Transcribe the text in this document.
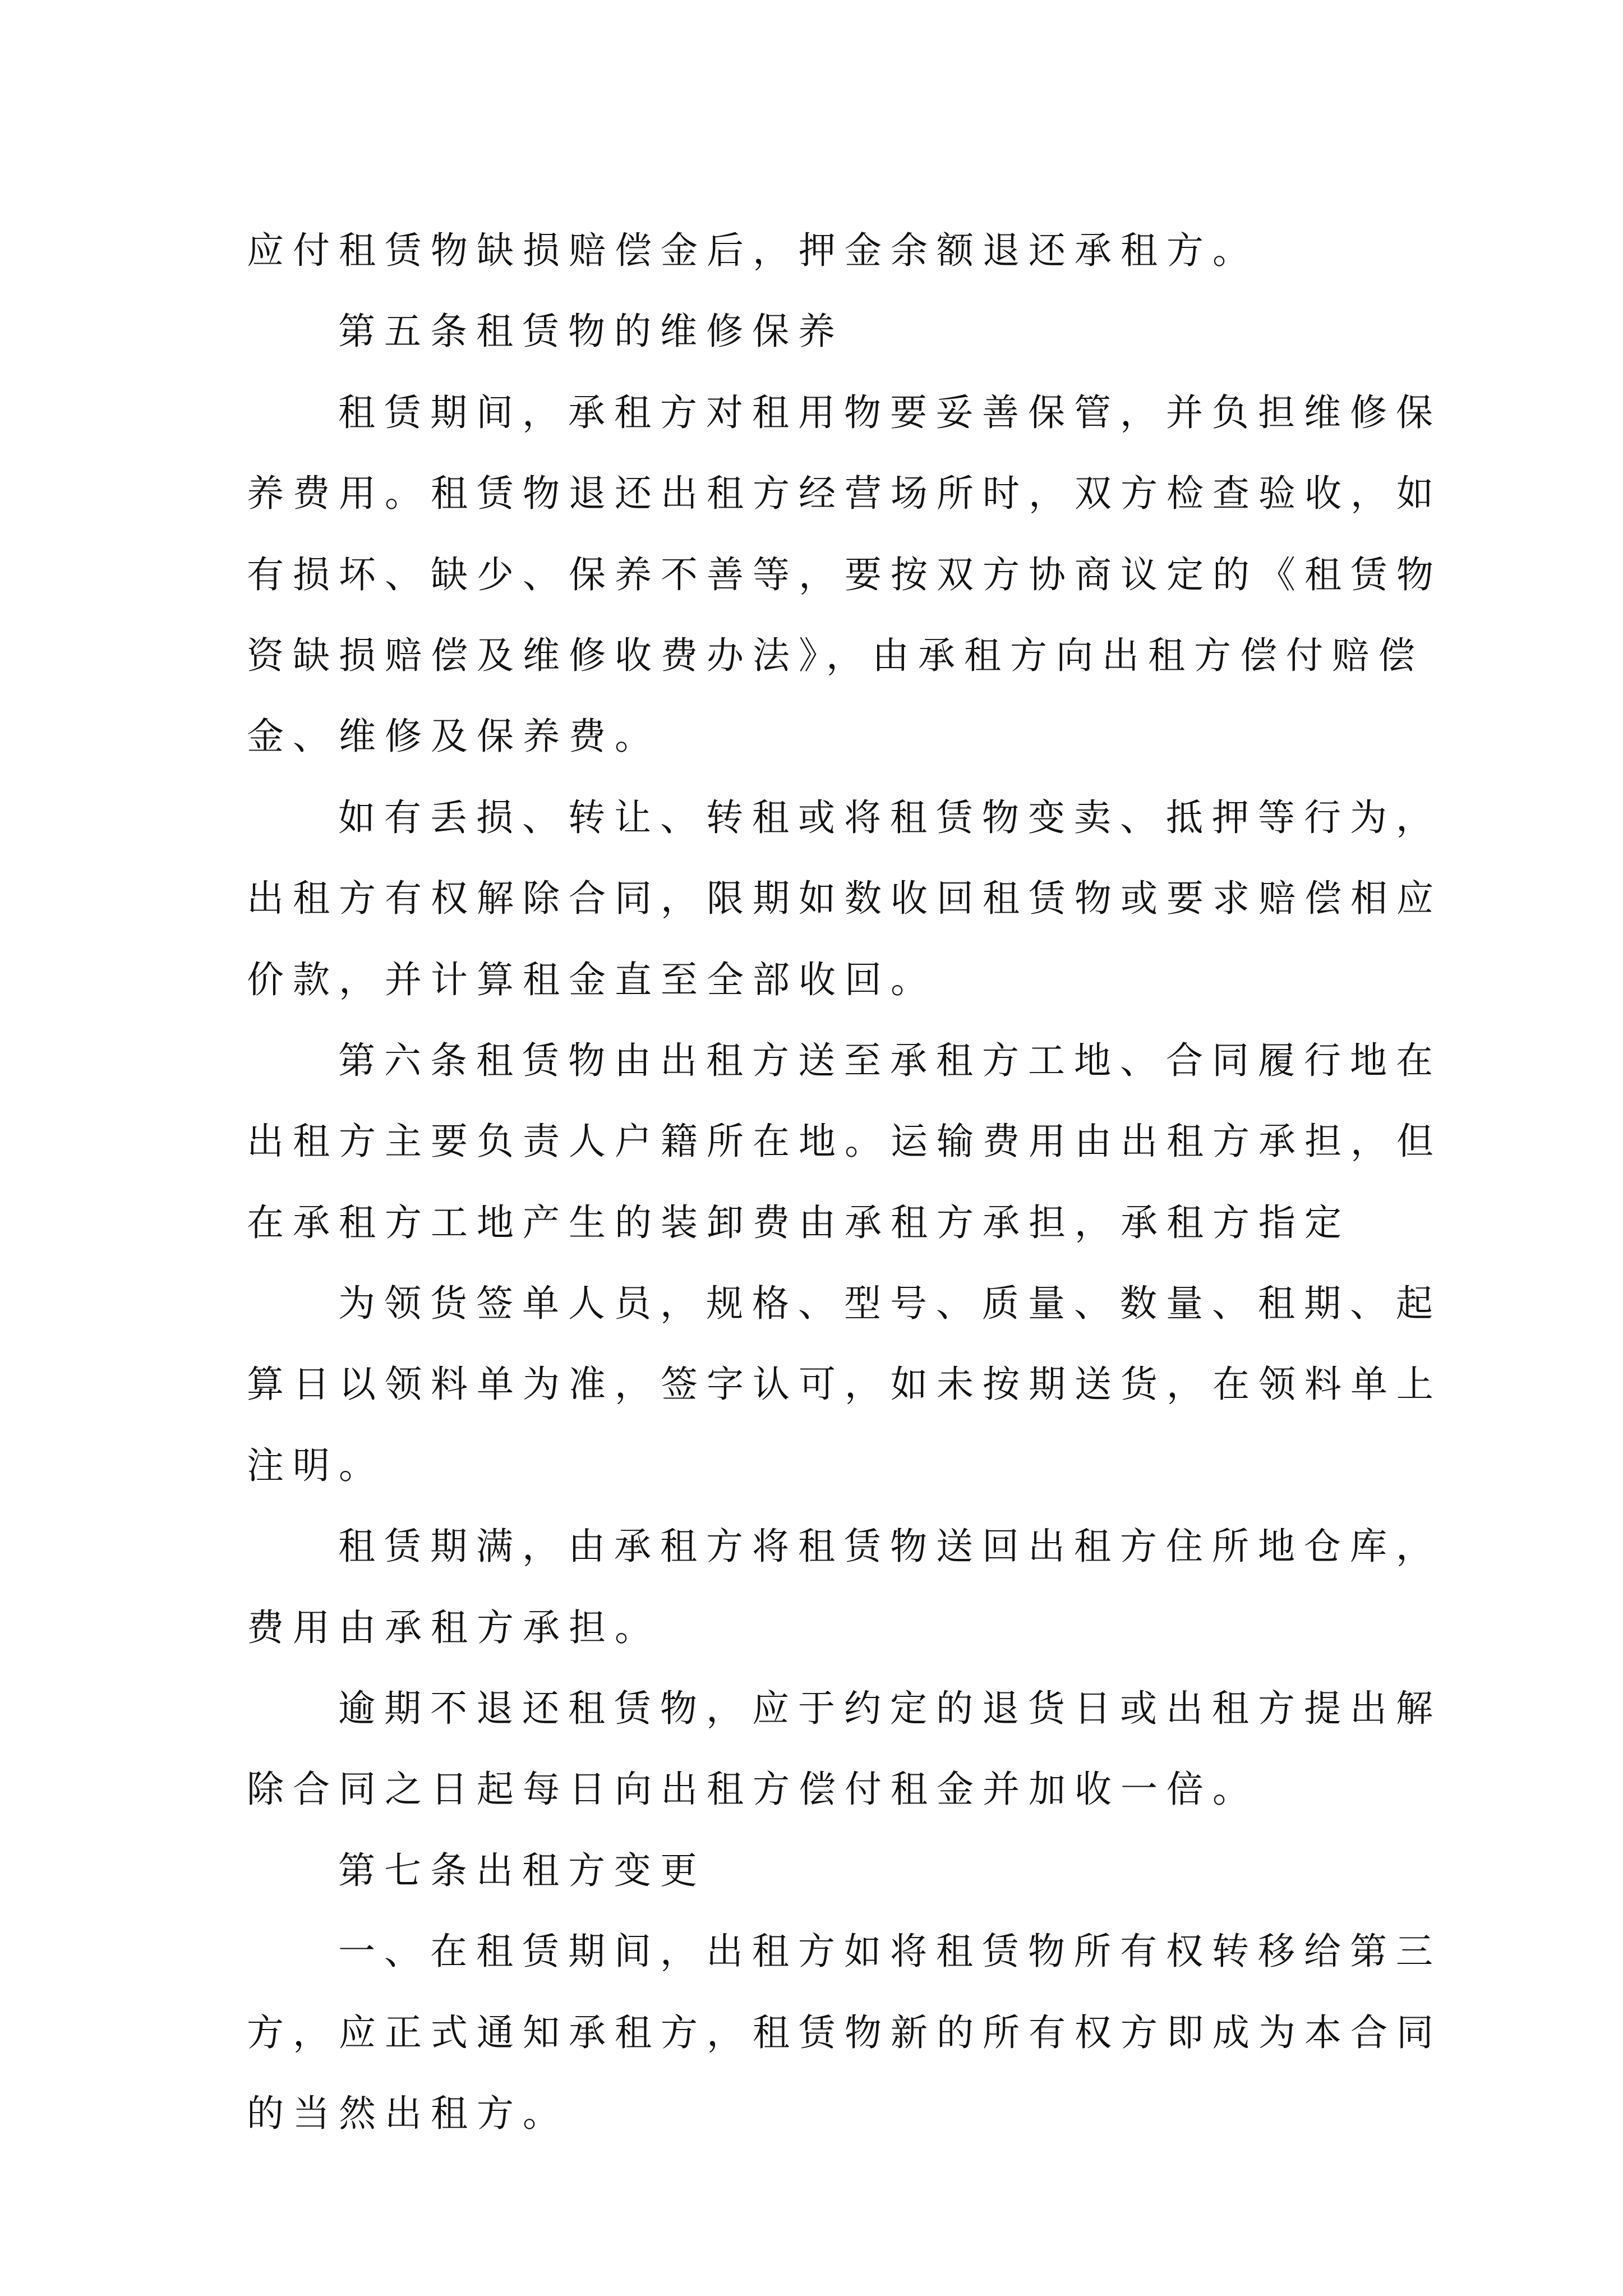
应付租赁物缺损赔偿金后，押金余额退还承租方。
第五条租赁物的维修保养
租赁期间，承租方对租用物要妥善保管，并负担维修保
养费用。租赁物退还出租方经营场所时，双方检查验收，如
有损坏、缺少、保养不善等，要按双方协商议定的《租赁物
资缺损赔偿及维修收费办法》，由承租方向出租方偿付赔偿
金、维修及保养费。
如有丢损、转让、转租或将租赁物变卖、抵押等行为，
出租方有权解除合同，限期如数收回租赁物或要求赔偿相应
价款，并计算租金直至全部收回。
第六条租赁物由出租方送至承租方工地、合同履行地在
出租方主要负责人户籍所在地。运输费用由出租方承担，但
在承租方工地产生的装卸费由承租方承担，承租方指定
为领货签单人员，规格、型号、质量、数量、租期、起
算日以领料单为准，签字认可，如未按期送货，在领料单上
注明。
租赁期满，由承租方将租赁物送回出租方住所地仓库，
费用由承租方承担。
逾期不退还租赁物，应于约定的退货日或出租方提出解
除合同之日起每日向出租方偿付租金并加收一倍。
第七条出租方变更
一、在租赁期间，出租方如将租赁物所有权转移给第三
方，应正式通知承租方，租赁物新的所有权方即成为本合同
的当然出租方。
